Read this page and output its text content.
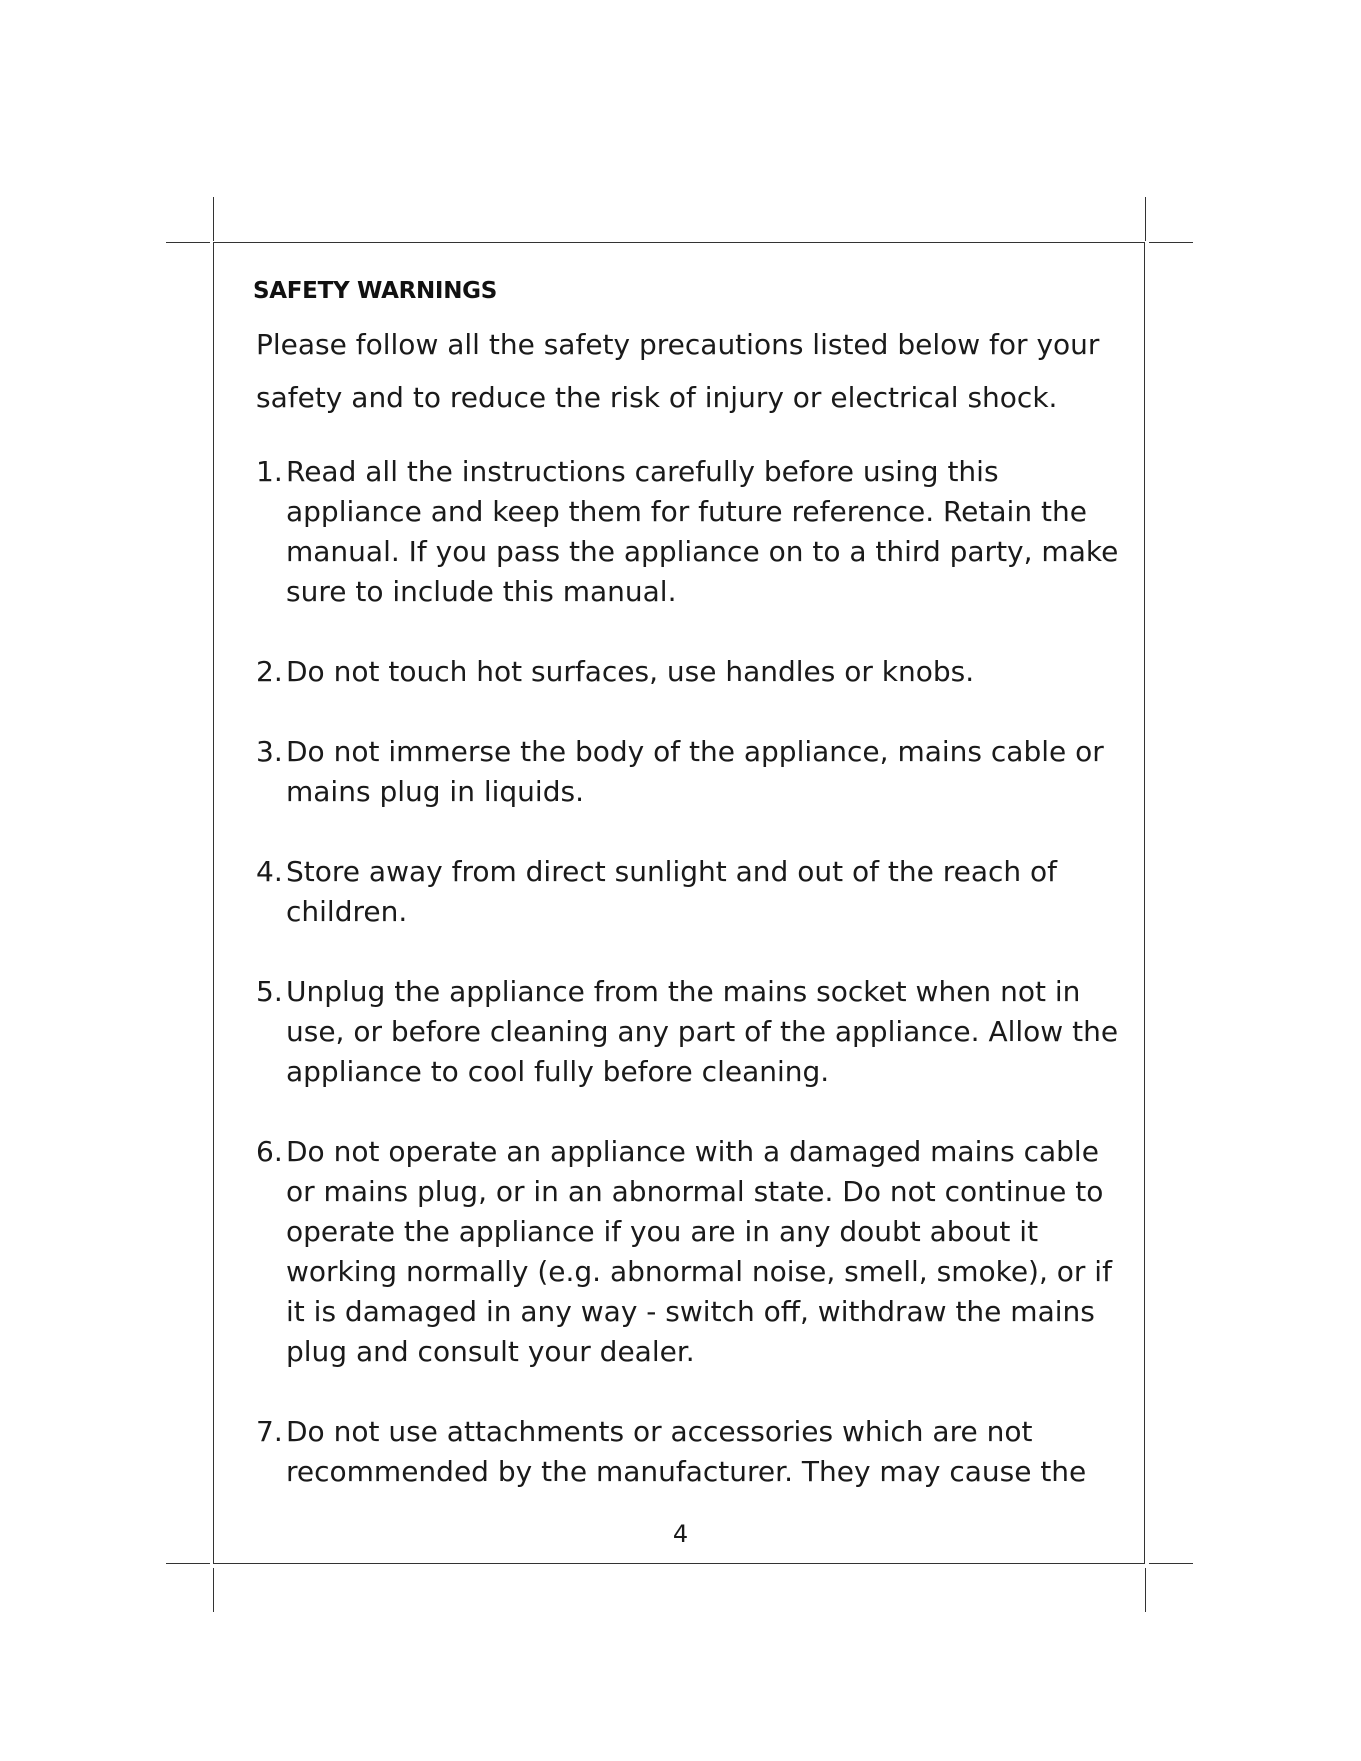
SAFETY WARNINGS
Please follow all the safety precautions listed below for your safety and to reduce the risk of injury or electrical shock.
1. Read all the instructions carefully before using this appliance and keep them for future reference. Retain the manual. If you pass the appliance on to a third party, make sure to include this manual.
2. Do not touch hot surfaces, use handles or knobs.
3. Do not immerse the body of the appliance, mains cable or mains plug in liquids.
4. Store away from direct sunlight and out of the reach of children.
5. Unplug the appliance from the mains socket when not in use, or before cleaning any part of the appliance. Allow the appliance to cool fully before cleaning.
6. Do not operate an appliance with a damaged mains cable or mains plug, or in an abnormal state. Do not continue to operate the appliance if you are in any doubt about it working normally (e.g. abnormal noise, smell, smoke), or if it is damaged in any way - switch off, withdraw the mains plug and consult your dealer.
7. Do not use attachments or accessories which are not recommended by the manufacturer. They may cause the
4
